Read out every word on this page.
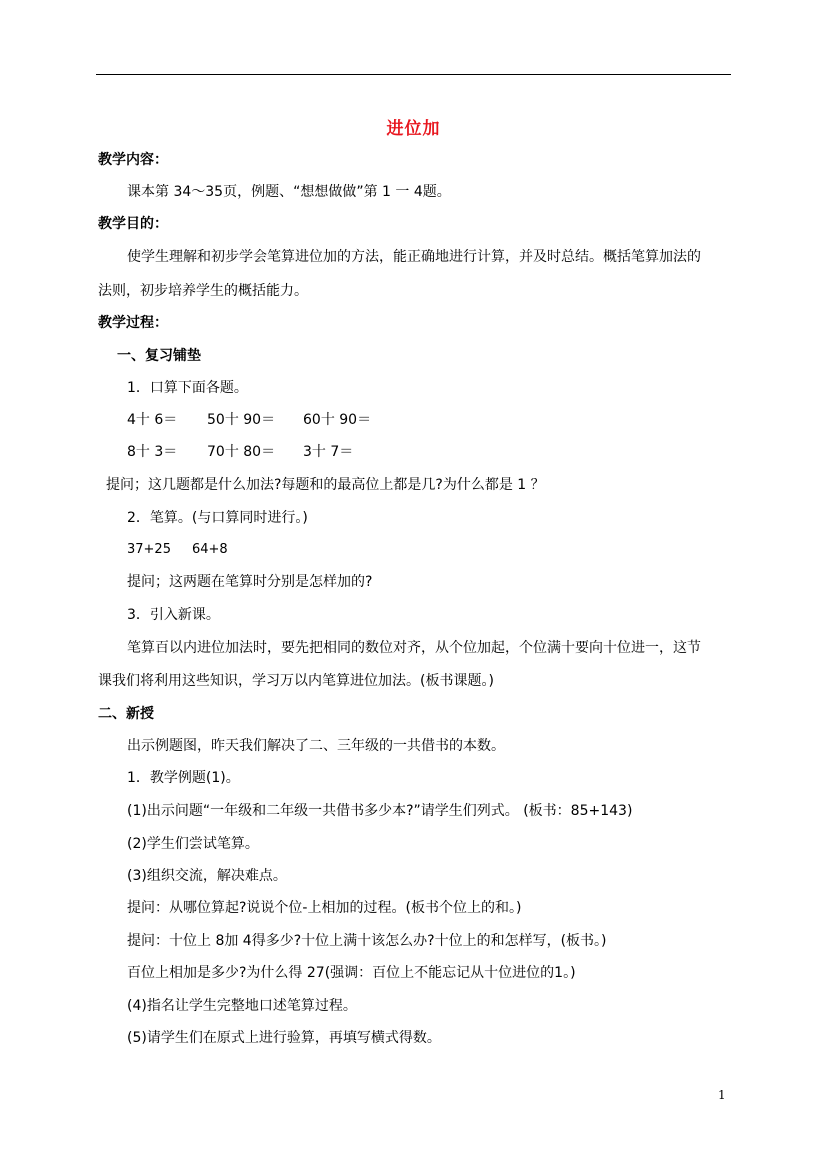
进位加
教学内容：
课本第 34～35页，例题、“想想做做”第 1 一 4题。
教学目的：
使学生理解和初步学会笔算进位加的方法，能正确地进行计算，并及时总结。概括笔算加法的
法则，初步培养学生的概括能力。
教学过程：
一、复习铺垫
1．口算下面各题。
4十 6＝ 50十 90＝ 60十 90＝
8十 3＝ 70十 80＝ 3十 7＝
提问；这几题都是什么加法?每题和的最高位上都是几?为什么都是 1 ？
2．笔算。(与口算同时进行。)
37+25 64+8
提问；这两题在笔算时分别是怎样加的?
3．引入新课。
笔算百以内进位加法时，要先把相同的数位对齐，从个位加起，个位满十要向十位进一，这节
课我们将利用这些知识，学习万以内笔算进位加法。(板书课题。)
二、新授
出示例题图，昨天我们解决了二、三年级的一共借书的本数。
1．教学例题(1)。
(1)出示问题“一年级和二年级一共借书多少本?”请学生们列式。 (板书：85+143)
(2)学生们尝试笔算。
(3)组织交流，解决难点。
提问：从哪位算起?说说个位-上相加的过程。(板书个位上的和。)
提问：十位上 8加 4得多少?十位上满十该怎么办?十位上的和怎样写，(板书。)
百位上相加是多少?为什么得 27(强调：百位上不能忘记从十位进位的1。)
(4)指名让学生完整地口述笔算过程。
(5)请学生们在原式上进行验算，再填写横式得数。
1
